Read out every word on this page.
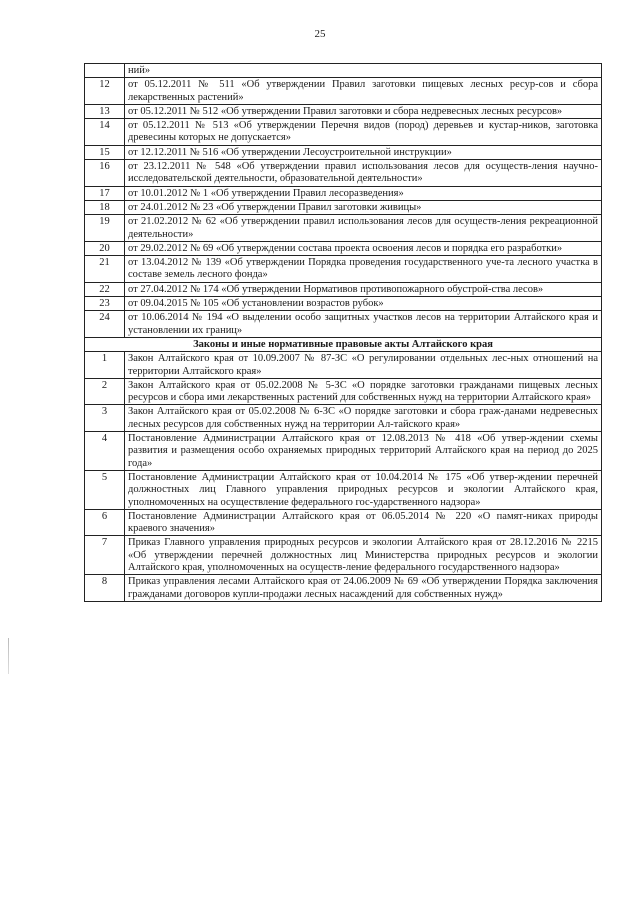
25
	ний»
12	от 05.12.2011 № 511 «Об утверждении Правил заготовки пищевых лесных ресур-сов и сбора лекарственных растений»
13	от 05.12.2011 № 512 «Об утверждении Правил заготовки и сбора недревесных лесных ресурсов»
14	от 05.12.2011 № 513 «Об утверждении Перечня видов (пород) деревьев и кустар-ников, заготовка древесины которых не допускается»
15	от 12.12.2011 № 516 «Об утверждении Лесоустроительной инструкции»
16	от 23.12.2011 № 548 «Об утверждении правил использования лесов для осуществ-ления научно-исследовательской деятельности, образовательной деятельности»
17	от 10.01.2012 № 1 «Об утверждении Правил лесоразведения»
18	от 24.01.2012 № 23 «Об утверждении Правил заготовки живицы»
19	от 21.02.2012 № 62 «Об утверждении правил использования лесов для осуществ-ления рекреационной деятельности»
20	от 29.02.2012 № 69 «Об утверждении состава проекта освоения лесов и порядка его разработки»
21	от 13.04.2012 № 139 «Об утверждении Порядка проведения государственного уче-та лесного участка в составе земель лесного фонда»
22	от 27.04.2012 № 174 «Об утверждении Нормативов противопожарного обустрой-ства лесов»
23	от 09.04.2015 № 105 «Об установлении возрастов рубок»
24	от 10.06.2014 № 194 «О выделении особо защитных участков лесов на территории Алтайского края и установлении их границ»
Законы и иные нормативные правовые акты Алтайского края	
1	Закон Алтайского края от 10.09.2007 № 87-ЗС «О регулировании отдельных лес-ных отношений на территории Алтайского края»
2	Закон Алтайского края от 05.02.2008 № 5-ЗС «О порядке заготовки гражданами пищевых лесных ресурсов и сбора ими лекарственных растений для собственных нужд на территории Алтайского края»
3	Закон Алтайского края от 05.02.2008 № 6-ЗС «О порядке заготовки и сбора граж-данами недревесных лесных ресурсов для собственных нужд на территории Ал-тайского края»
4	Постановление Администрации Алтайского края от 12.08.2013 № 418 «Об утвер-ждении схемы развития и размещения особо охраняемых природных территорий Алтайского края на период до 2025 года»
5	Постановление Администрации Алтайского края от 10.04.2014 № 175 «Об утвер-ждении перечней должностных лиц Главного управления природных ресурсов и экологии Алтайского края, уполномоченных на осуществление федерального гос-ударственного надзора»
6	Постановление Администрации Алтайского края от 06.05.2014 № 220 «О памят-никах природы краевого значения»
7	Приказ Главного управления природных ресурсов и экологии Алтайского края от 28.12.2016 № 2215 «Об утверждении перечней должностных лиц Министерства природных ресурсов и экологии Алтайского края, уполномоченных на осуществ-ление федерального государственного надзора»
8	Приказ управления лесами Алтайского края от 24.06.2009 № 69 «Об утверждении Порядка заключения гражданами договоров купли-продажи лесных насаждений для собственных нужд»
